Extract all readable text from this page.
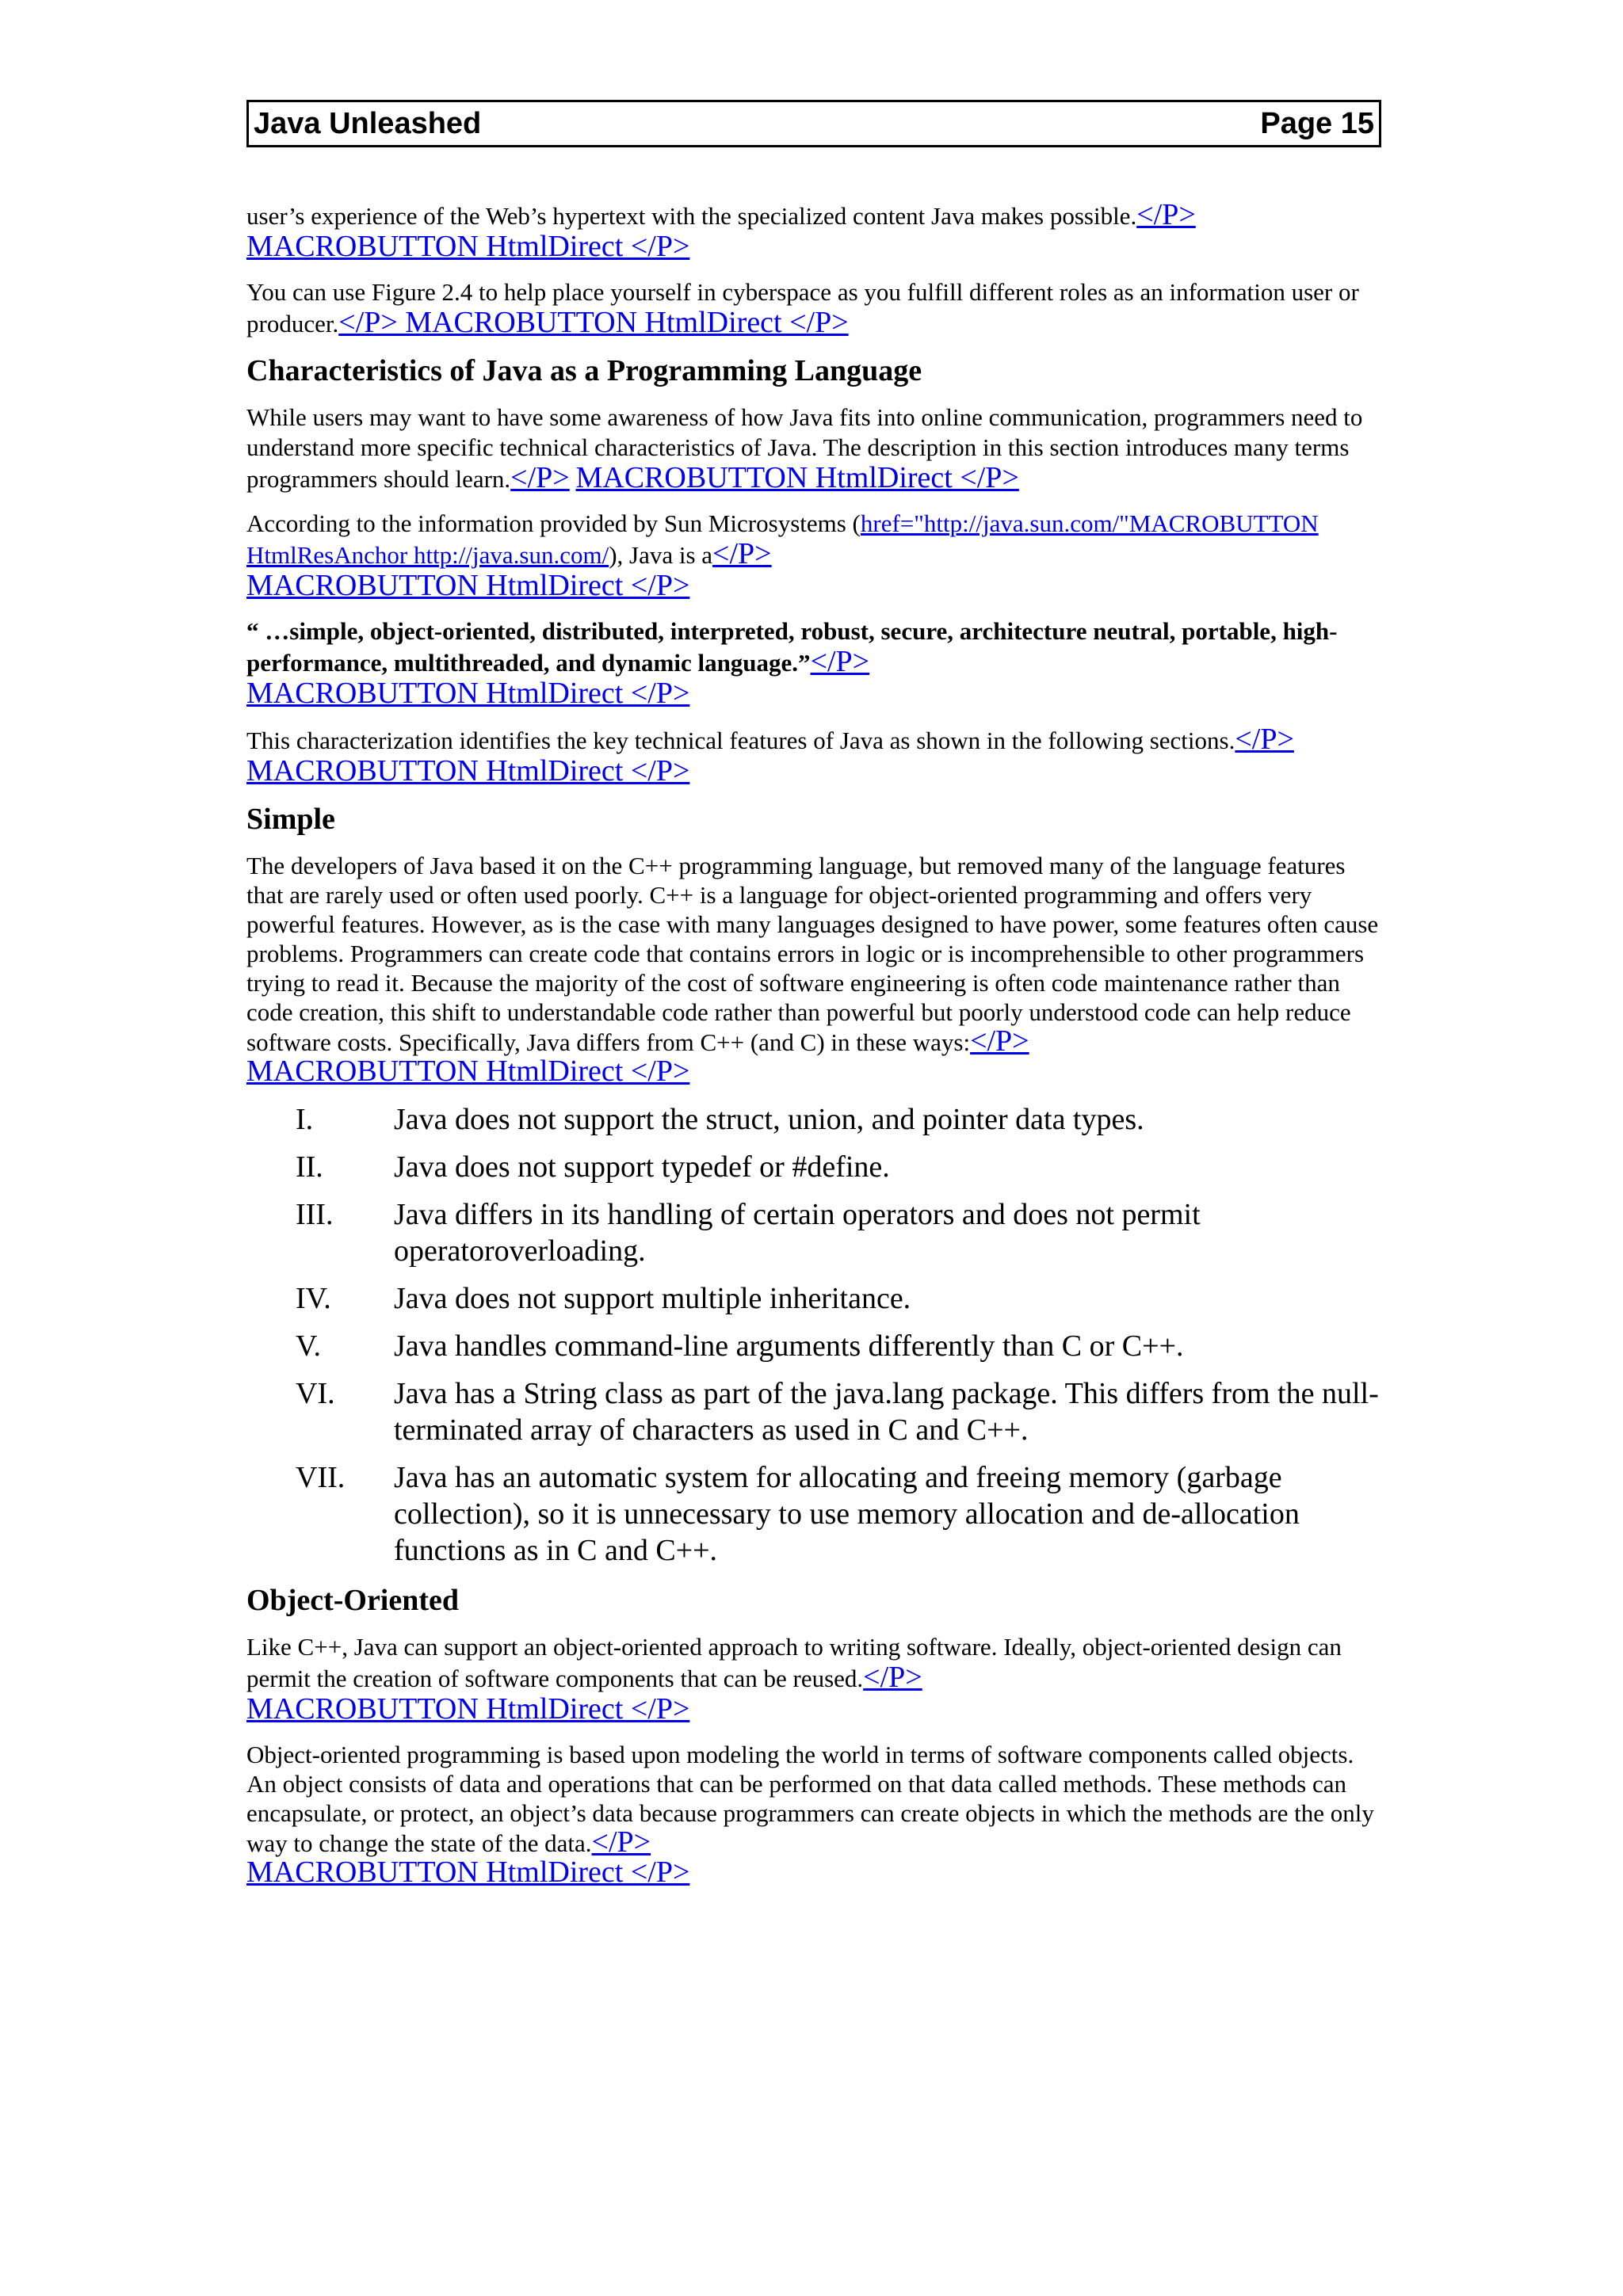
Java Unleashed	Page 15

user’s experience of the Web’s hypertext with the specialized content Java makes possible.</P>
MACROBUTTON HtmlDirect </P>

You can use Figure 2.4 to help place yourself in cyberspace as you fulfill different roles as an information user or producer.</P> MACROBUTTON HtmlDirect </P>

Characteristics of Java as a Programming Language

While users may want to have some awareness of how Java fits into online communication, programmers need to understand more specific technical characteristics of Java. The description in this section introduces many terms programmers should learn.</P> MACROBUTTON HtmlDirect </P>

According to the information provided by Sun Microsystems (href="http://java.sun.com/"MACROBUTTON HtmlResAnchor http://java.sun.com/), Java is a</P>
MACROBUTTON HtmlDirect </P>

“ …simple, object-oriented, distributed, interpreted, robust, secure, architecture neutral, portable, high-performance, multithreaded, and dynamic language.”</P>
MACROBUTTON HtmlDirect </P>

This characterization identifies the key technical features of Java as shown in the following sections.</P> MACROBUTTON HtmlDirect </P>

Simple

The developers of Java based it on the C++ programming language, but removed many of the language features that are rarely used or often used poorly. C++ is a language for object-oriented programming and offers very powerful features. However, as is the case with many languages designed to have power, some features often cause problems. Programmers can create code that contains errors in logic or is incomprehensible to other programmers trying to read it. Because the majority of the cost of software engineering is often code maintenance rather than code creation, this shift to understandable code rather than powerful but poorly understood code can help reduce software costs. Specifically, Java differs from C++ (and C) in these ways:</P>
MACROBUTTON HtmlDirect </P>

I.	Java does not support the struct, union, and pointer data types.
II.	Java does not support typedef or #define.
III.	Java differs in its handling of certain operators and does not permit operatoroverloading.
IV.	Java does not support multiple inheritance.
V.	Java handles command-line arguments differently than C or C++.
VI.	Java has a String class as part of the java.lang package. This differs from the null-terminated array of characters as used in C and C++.
VII.	Java has an automatic system for allocating and freeing memory (garbage collection), so it is unnecessary to use memory allocation and de-allocation functions as in C and C++.
Object-Oriented

Like C++, Java can support an object-oriented approach to writing software. Ideally, object-oriented design can permit the creation of software components that can be reused.</P>
MACROBUTTON HtmlDirect </P>

Object-oriented programming is based upon modeling the world in terms of software components called objects. An object consists of data and operations that can be performed on that data called methods. These methods can encapsulate, or protect, an object’s data because programmers can create objects in which the methods are the only way to change the state of the data.</P>
MACROBUTTON HtmlDirect </P>
